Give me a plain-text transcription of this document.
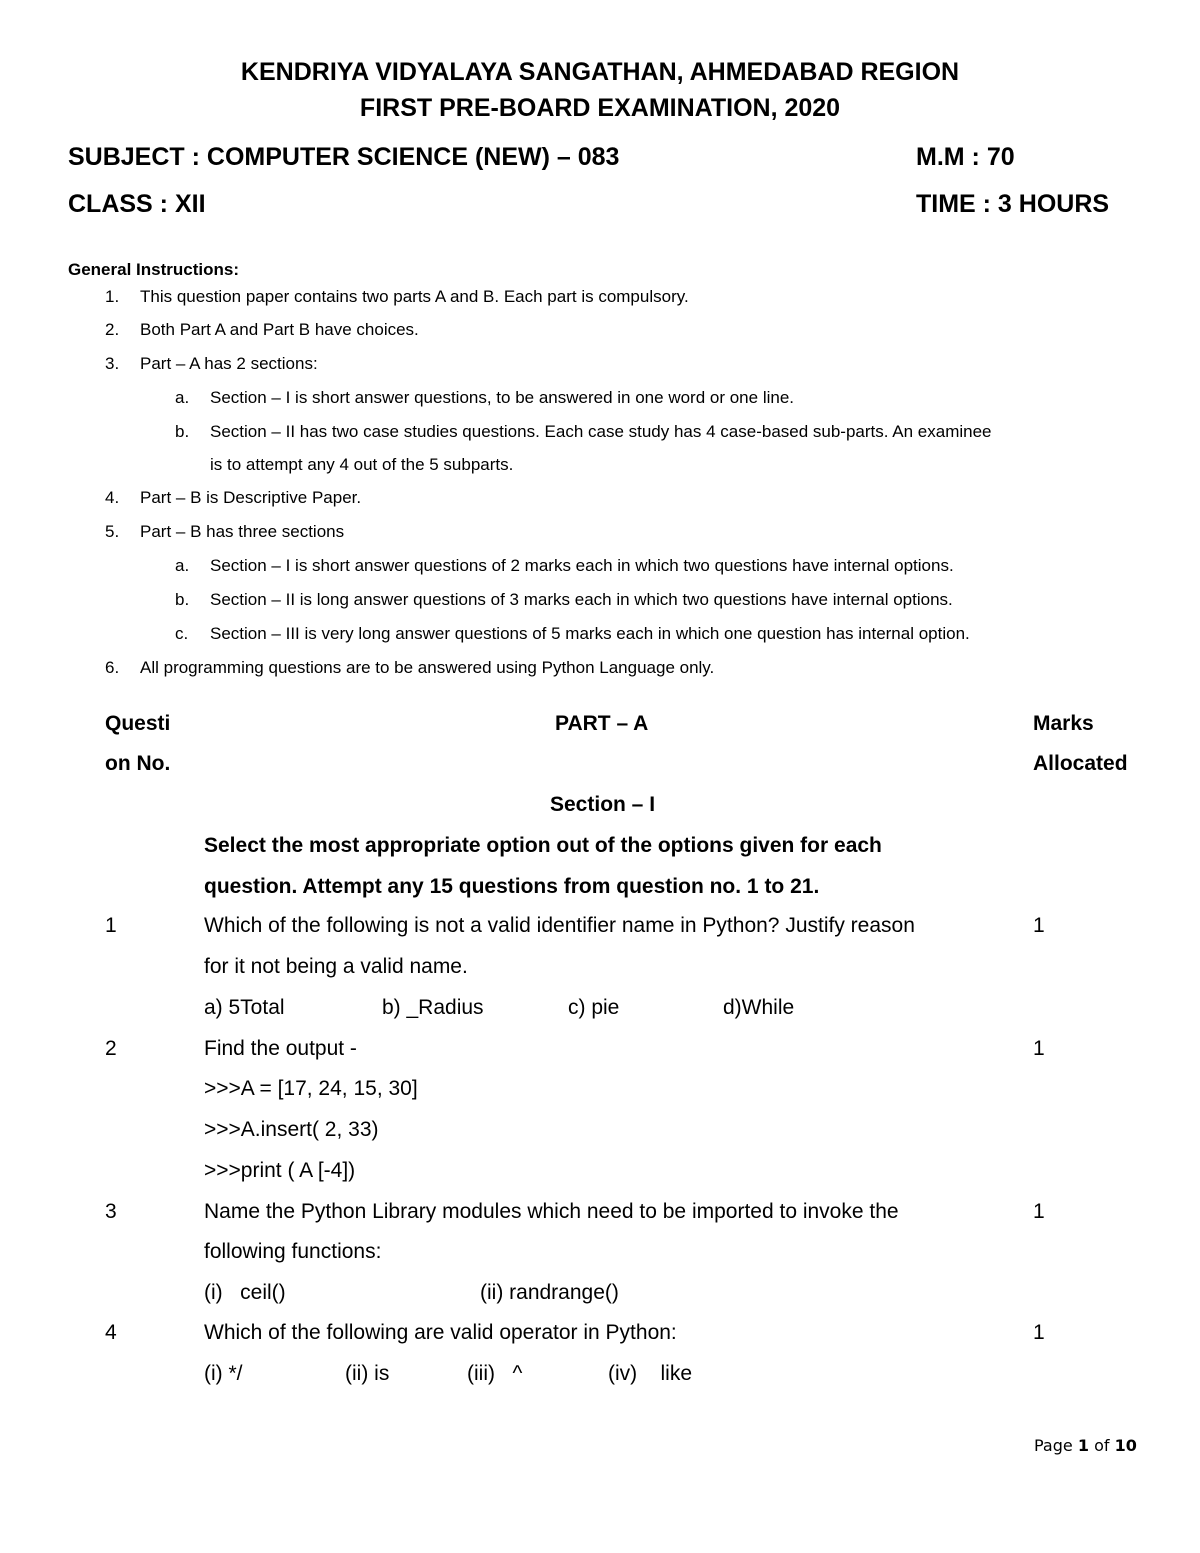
KENDRIYA VIDYALAYA SANGATHAN, AHMEDABAD REGION
FIRST PRE-BOARD EXAMINATION, 2020
SUBJECT : COMPUTER SCIENCE (NEW) – 083	M.M : 70
CLASS : XII	TIME : 3 HOURS
General Instructions:
1. This question paper contains two parts A and B. Each part is compulsory.
2. Both Part A and Part B have choices.
3. Part – A has 2 sections:
a. Section – I is short answer questions, to be answered in one word or one line.
b. Section – II has two case studies questions. Each case study has 4 case-based sub-parts. An examinee
is to attempt any 4 out of the 5 subparts.
4. Part – B is Descriptive Paper.
5. Part – B has three sections
a. Section – I is short answer questions of 2 marks each in which two questions have internal options.
b. Section – II is long answer questions of 3 marks each in which two questions have internal options.
c. Section – III is very long answer questions of 5 marks each in which one question has internal option.
6. All programming questions are to be answered using Python Language only.
Questi
on No.
PART – A	Marks
Allocated
Section – I
Select the most appropriate option out of the options given for each
question. Attempt any 15 questions from question no. 1 to 21.
1	Which of the following is not a valid identifier name in Python? Justify reason	1
for it not being a valid name.
a) 5Total	b) _Radius	c) pie	d)While
2	Find the output -	1
>>>A = [17, 24, 15, 30]
>>>A.insert( 2, 33)
>>>print ( A [-4])
3	Name the Python Library modules which need to be imported to invoke the	1
following functions:
(i)   ceil()	(ii) randrange()
4	Which of the following are valid operator in Python:	1
(i) */	(ii) is	(iii)   ^	(iv)    like
Page 1 of 10
